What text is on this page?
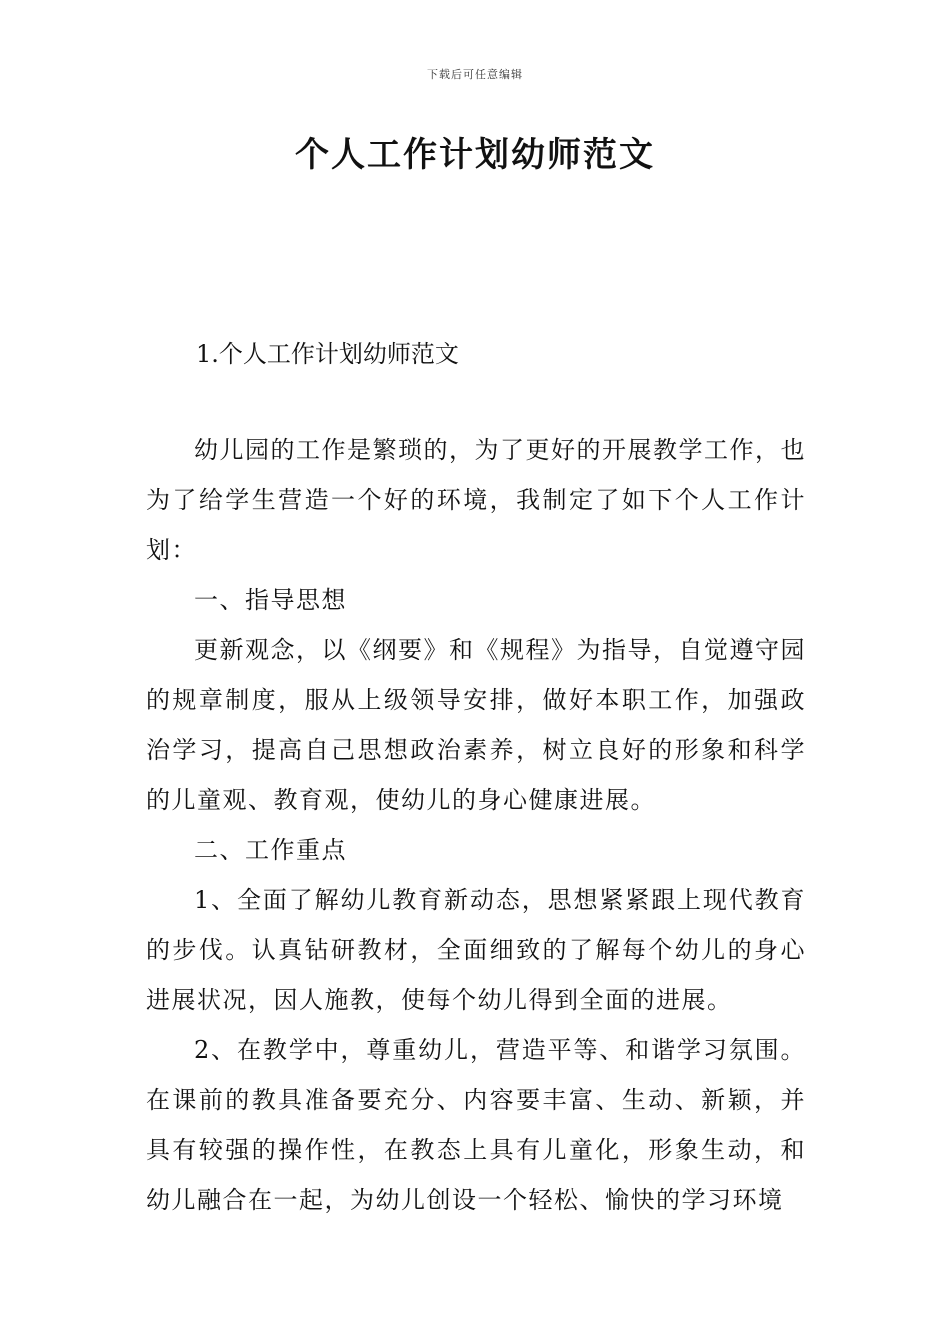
下载后可任意编辑
个人工作计划幼师范文
1.个人工作计划幼师范文

幼儿园的工作是繁琐的，为了更好的开展教学工作，也为了给学生营造一个好的环境，我制定了如下个人工作计划：

一、指导思想

更新观念，以《纲要》和《规程》为指导，自觉遵守园的规章制度，服从上级领导安排，做好本职工作，加强政治学习，提高自己思想政治素养，树立良好的形象和科学的儿童观、教育观，使幼儿的身心健康进展。

二、工作重点

1、全面了解幼儿教育新动态，思想紧紧跟上现代教育的步伐。认真钻研教材，全面细致的了解每个幼儿的身心进展状况，因人施教，使每个幼儿得到全面的进展。

2、在教学中，尊重幼儿，营造平等、和谐学习氛围。在课前的教具准备要充分、内容要丰富、生动、新颖，并具有较强的操作性，在教态上具有儿童化，形象生动，和幼儿融合在一起，为幼儿创设一个轻松、愉快的学习环境
